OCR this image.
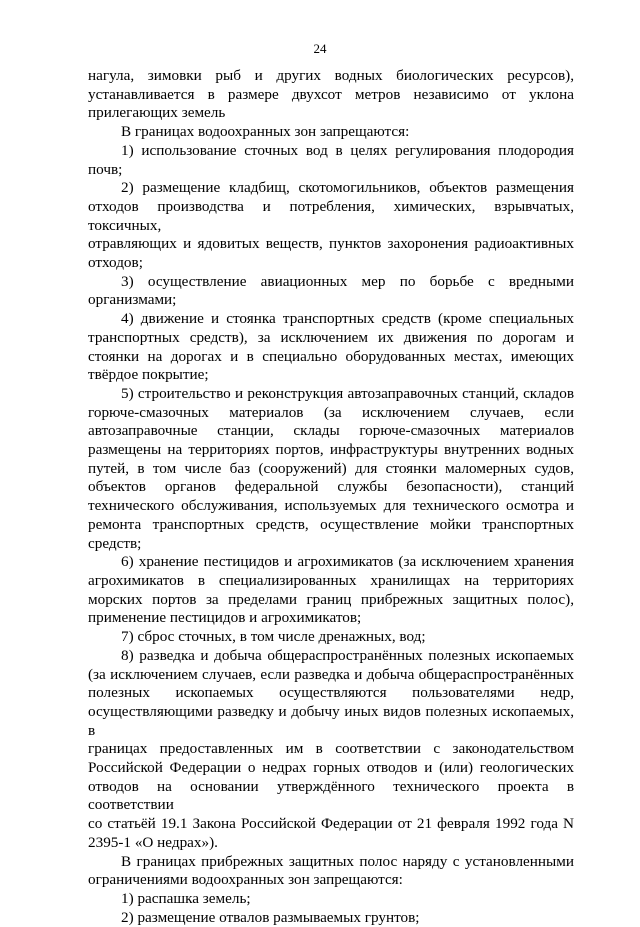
24
нагула, зимовки рыб и других водных биологических ресурсов),
устанавливается в размере двухсот метров независимо от уклона
прилегающих земель
В границах водоохранных зон запрещаются:
1) использование сточных вод в целях регулирования плодородия
почв;
2) размещение кладбищ, скотомогильников, объектов размещения
отходов производства и потребления, химических, взрывчатых, токсичных,
отравляющих и ядовитых веществ, пунктов захоронения радиоактивных
отходов;
3) осуществление авиационных мер по борьбе с вредными
организмами;
4) движение и стоянка транспортных средств (кроме специальных
транспортных средств), за исключением их движения по дорогам и
стоянки на дорогах и в специально оборудованных местах, имеющих
твёрдое покрытие;
5) строительство и реконструкция автозаправочных станций, складов
горюче-смазочных материалов (за исключением случаев, если
автозаправочные станции, склады горюче-смазочных материалов
размещены на территориях портов, инфраструктуры внутренних водных
путей, в том числе баз (сооружений) для стоянки маломерных судов,
объектов органов федеральной службы безопасности), станций
технического обслуживания, используемых для технического осмотра и
ремонта транспортных средств, осуществление мойки транспортных
средств;
6) хранение пестицидов и агрохимикатов (за исключением хранения
агрохимикатов в специализированных хранилищах на территориях
морских портов за пределами границ прибрежных защитных полос),
применение пестицидов и агрохимикатов;
7) сброс сточных, в том числе дренажных, вод;
8) разведка и добыча общераспространённых полезных ископаемых
(за исключением случаев, если разведка и добыча общераспространённых
полезных ископаемых осуществляются пользователями недр,
осуществляющими разведку и добычу иных видов полезных ископаемых, в
границах предоставленных им в соответствии с законодательством
Российской Федерации о недрах горных отводов и (или) геологических
отводов на основании утверждённого технического проекта в соответствии
со статьёй 19.1 Закона Российской Федерации от 21 февраля 1992 года N
2395-1 «О недрах»).
В границах прибрежных защитных полос наряду с установленными
ограничениями водоохранных зон запрещаются:
1) распашка земель;
2) размещение отвалов размываемых грунтов;
